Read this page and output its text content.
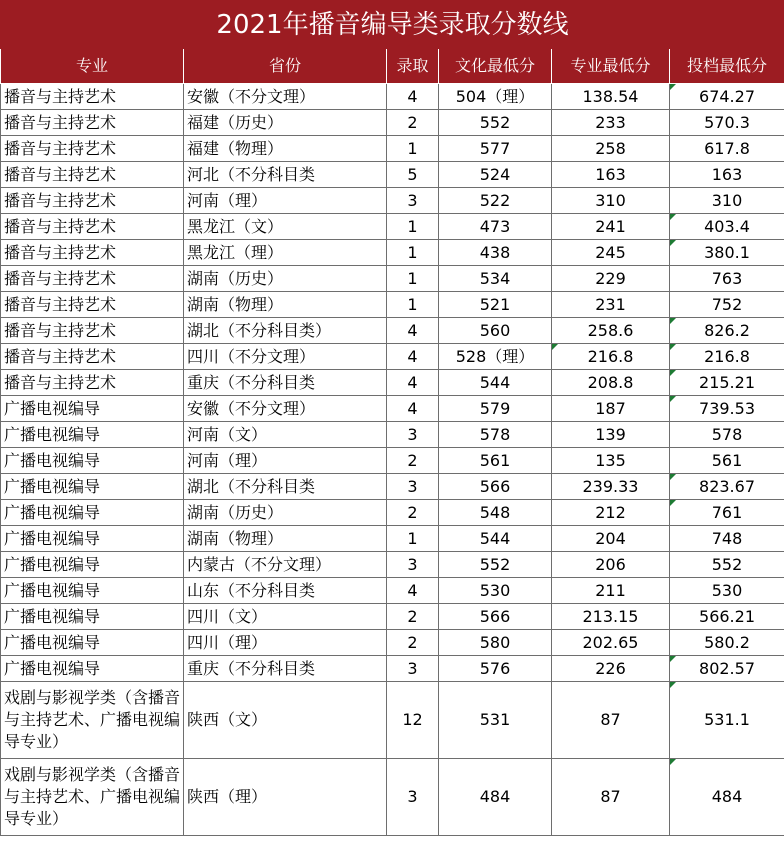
2021年播音编导类录取分数线					
专业	省份	录取	文化最低分	专业最低分	投档最低分
播音与主持艺术	安徽（不分文理）	4	504（理）	138.54	674.27
播音与主持艺术	福建（历史）	2	552	233	570.3
播音与主持艺术	福建（物理）	1	577	258	617.8
播音与主持艺术	河北（不分科目类	5	524	163	163
播音与主持艺术	河南（理）	3	522	310	310
播音与主持艺术	黑龙江（文）	1	473	241	403.4
播音与主持艺术	黑龙江（理）	1	438	245	380.1
播音与主持艺术	湖南（历史）	1	534	229	763
播音与主持艺术	湖南（物理）	1	521	231	752
播音与主持艺术	湖北（不分科目类）	4	560	258.6	826.2
播音与主持艺术	四川（不分文理）	4	528（理）	216.8	216.8
播音与主持艺术	重庆（不分科目类	4	544	208.8	215.21
广播电视编导	安徽（不分文理）	4	579	187	739.53
广播电视编导	河南（文）	3	578	139	578
广播电视编导	河南（理）	2	561	135	561
广播电视编导	湖北（不分科目类	3	566	239.33	823.67
广播电视编导	湖南（历史）	2	548	212	761
广播电视编导	湖南（物理）	1	544	204	748
广播电视编导	内蒙古（不分文理）	3	552	206	552
广播电视编导	山东（不分科目类	4	530	211	530
广播电视编导	四川（文）	2	566	213.15	566.21
广播电视编导	四川（理）	2	580	202.65	580.2
广播电视编导	重庆（不分科目类	3	576	226	802.57
戏剧与影视学类（含播音与主持艺术、广播电视编导专业）	陕西（文）	12	531	87	531.1
戏剧与影视学类（含播音与主持艺术、广播电视编导专业）	陕西（理）	3	484	87	484
